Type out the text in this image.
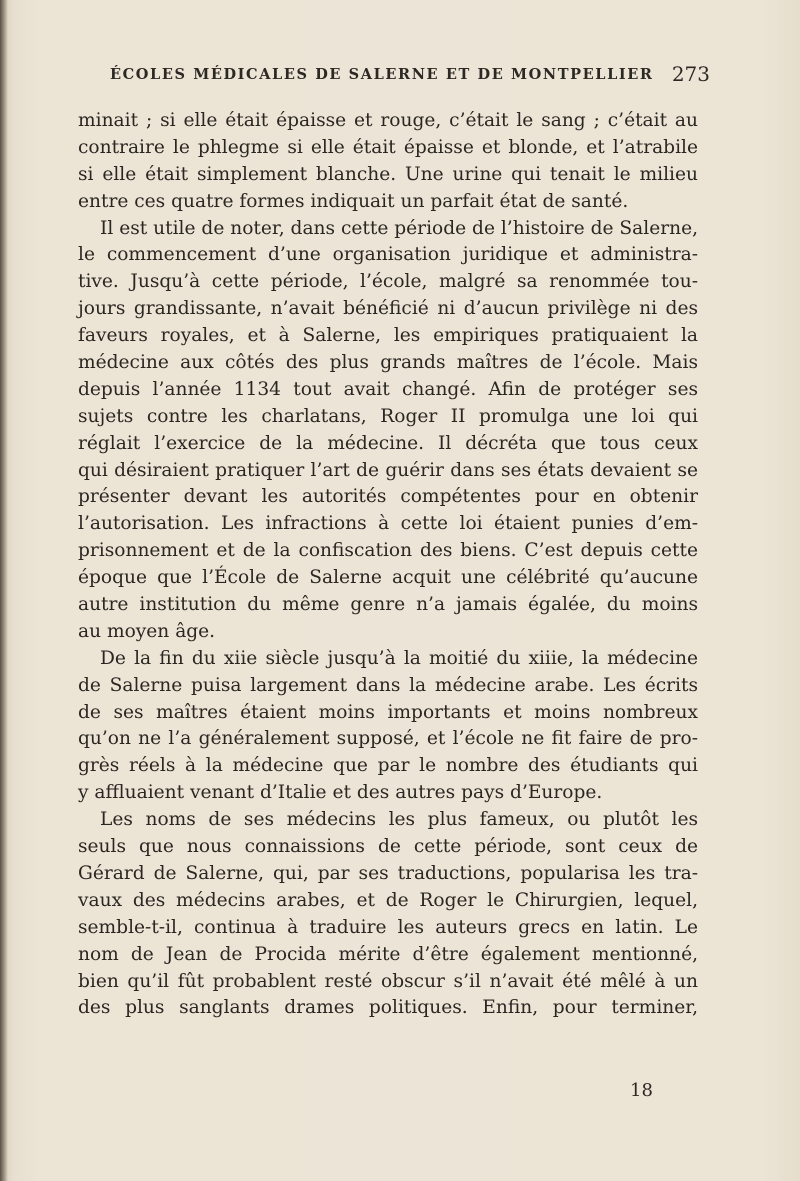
ÉCOLES MÉDICALES DE SALERNE ET DE MONTPELLIER 273
minait ; si elle était épaisse et rouge, c’était le sang ; c’était au
contraire le phlegme si elle était épaisse et blonde, et l’atrabile
si elle était simplement blanche. Une urine qui tenait le milieu
entre ces quatre formes indiquait un parfait état de santé.
Il est utile de noter, dans cette période de l’histoire de Salerne,
le commencement d’une organisation juridique et administra-
tive. Jusqu’à cette période, l’école, malgré sa renommée tou-
jours grandissante, n’avait bénéficié ni d’aucun privilège ni des
faveurs royales, et à Salerne, les empiriques pratiquaient la
médecine aux côtés des plus grands maîtres de l’école. Mais
depuis l’année 1134 tout avait changé. Afin de protéger ses
sujets contre les charlatans, Roger II promulga une loi qui
réglait l’exercice de la médecine. Il décréta que tous ceux
qui désiraient pratiquer l’art de guérir dans ses états devaient se
présenter devant les autorités compétentes pour en obtenir
l’autorisation. Les infractions à cette loi étaient punies d’em-
prisonnement et de la confiscation des biens. C’est depuis cette
époque que l’École de Salerne acquit une célébrité qu’aucune
autre institution du même genre n’a jamais égalée, du moins
au moyen âge.
De la fin du xiie siècle jusqu’à la moitié du xiiie, la médecine
de Salerne puisa largement dans la médecine arabe. Les écrits
de ses maîtres étaient moins importants et moins nombreux
qu’on ne l’a généralement supposé, et l’école ne fit faire de pro-
grès réels à la médecine que par le nombre des étudiants qui
y affluaient venant d’Italie et des autres pays d’Europe.
Les noms de ses médecins les plus fameux, ou plutôt les
seuls que nous connaissions de cette période, sont ceux de
Gérard de Salerne, qui, par ses traductions, popularisa les tra-
vaux des médecins arabes, et de Roger le Chirurgien, lequel,
semble-t-il, continua à traduire les auteurs grecs en latin. Le
nom de Jean de Procida mérite d’être également mentionné,
bien qu’il fût probablent resté obscur s’il n’avait été mêlé à un
des plus sanglants drames politiques. Enfin, pour terminer,
18
